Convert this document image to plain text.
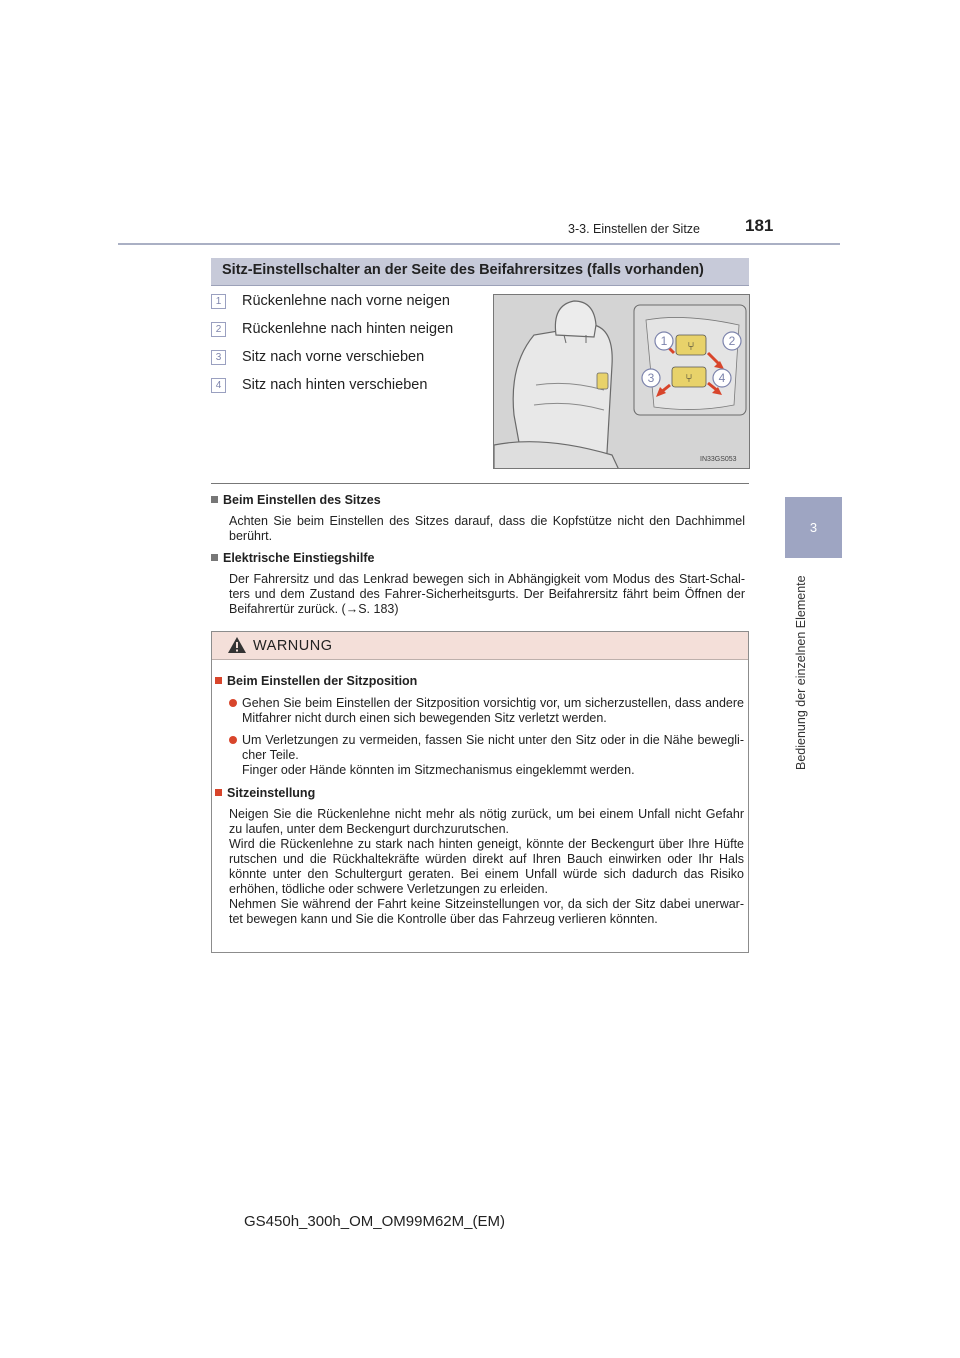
3-3. Einstellen der Sitze	181
3
Bedienung der einzelnen Elemente
Sitz-Einstellschalter an der Seite des Beifahrersitzes (falls vorhanden)
1	Rückenlehne nach vorne neigen
2	Rückenlehne nach hinten neigen
3	Sitz nach vorne verschieben
4	Sitz nach hinten verschieben
⑂
⑂
1	2
3	4
IN33GS053
Beim Einstellen des Sitzes
Achten Sie beim Einstellen des Sitzes darauf, dass die Kopfstütze nicht den Dachhimmel berührt.
Elektrische Einstiegshilfe
Der Fahrersitz und das Lenkrad bewegen sich in Abhängigkeit vom Modus des Start-Schal-ters und dem Zustand des Fahrer-Sicherheitsgurts. Der Beifahrersitz fährt beim Öffnen der Beifahrertür zurück. (→S. 183)
WARNUNG
Beim Einstellen der Sitzposition

Gehen Sie beim Einstellen der Sitzposition vorsichtig vor, um sicherzustellen, dass andere Mitfahrer nicht durch einen sich bewegenden Sitz verletzt werden.

Um Verletzungen zu vermeiden, fassen Sie nicht unter den Sitz oder in die Nähe bewegli-cher Teile.

Finger oder Hände könnten im Sitzmechanismus eingeklemmt werden.

Sitzeinstellung

Neigen Sie die Rückenlehne nicht mehr als nötig zurück, um bei einem Unfall nicht Gefahr zu laufen, unter dem Beckengurt durchzurutschen.

Wird die Rückenlehne zu stark nach hinten geneigt, könnte der Beckengurt über Ihre Hüfte rutschen und die Rückhaltekräfte würden direkt auf Ihren Bauch einwirken oder Ihr Hals könnte unter den Schultergurt geraten. Bei einem Unfall würde sich dadurch das Risiko erhöhen, tödliche oder schwere Verletzungen zu erleiden.

Nehmen Sie während der Fahrt keine Sitzeinstellungen vor, da sich der Sitz dabei unerwar-tet bewegen kann und Sie die Kontrolle über das Fahrzeug verlieren könnten.

GS450h_300h_OM_OM99M62M_(EM)
